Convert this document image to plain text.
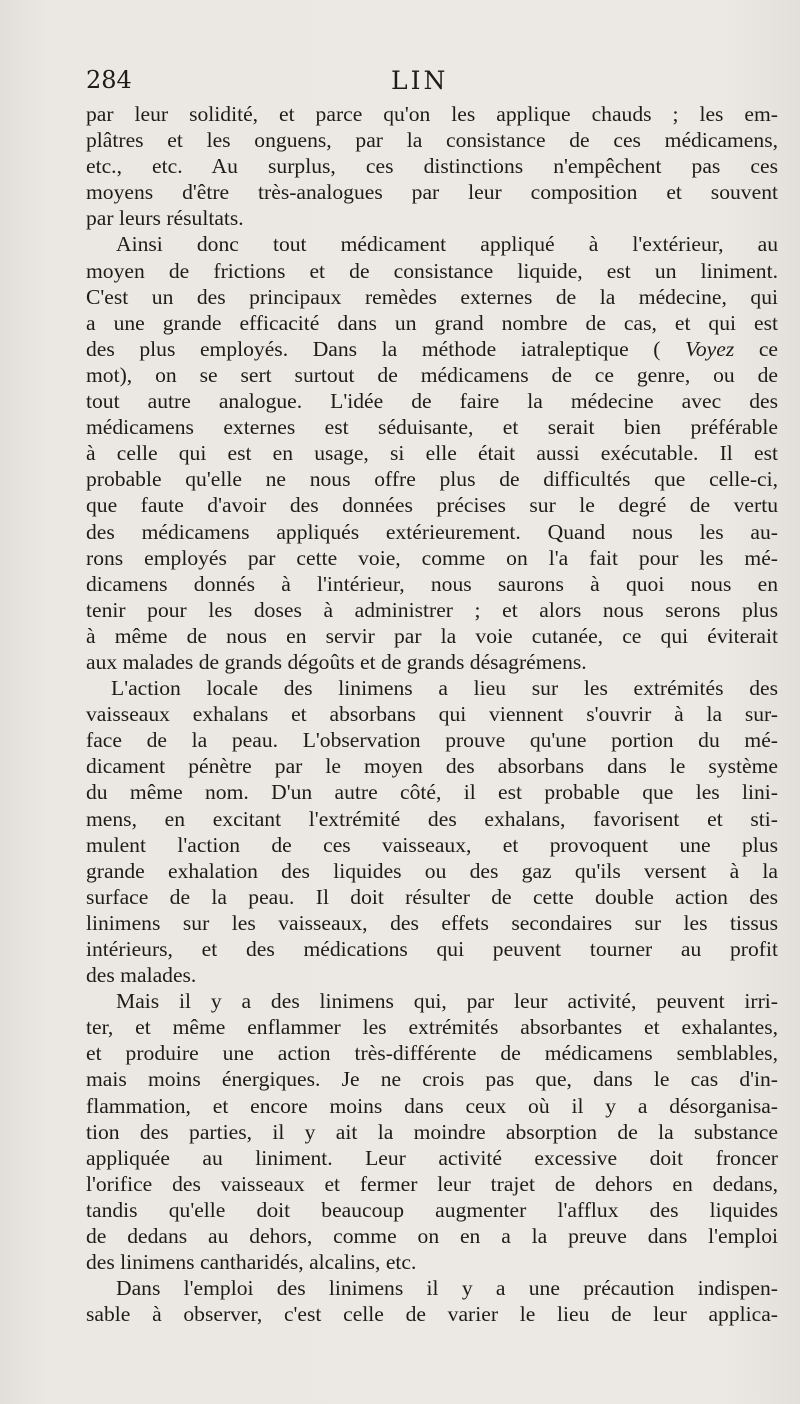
284	LIN
par leur solidité, et parce qu'on les applique chauds ; les em-
plâtres et les onguens, par la consistance de ces médicamens,
etc., etc. Au surplus, ces distinctions n'empêchent pas ces
moyens d'être très-analogues par leur composition et souvent
par leurs résultats.
Ainsi donc tout médicament appliqué à l'extérieur, au
moyen de frictions et de consistance liquide, est un liniment.
C'est un des principaux remèdes externes de la médecine, qui
a une grande efficacité dans un grand nombre de cas, et qui est
des plus employés. Dans la méthode iatraleptique ( Voyez ce
mot), on se sert surtout de médicamens de ce genre, ou de
tout autre analogue. L'idée de faire la médecine avec des
médicamens externes est séduisante, et serait bien préférable
à celle qui est en usage, si elle était aussi exécutable. Il est
probable qu'elle ne nous offre plus de difficultés que celle-ci,
que faute d'avoir des données précises sur le degré de vertu
des médicamens appliqués extérieurement. Quand nous les au-
rons employés par cette voie, comme on l'a fait pour les mé-
dicamens donnés à l'intérieur, nous saurons à quoi nous en
tenir pour les doses à administrer ; et alors nous serons plus
à même de nous en servir par la voie cutanée, ce qui éviterait
aux malades de grands dégoûts et de grands désagrémens.
L'action locale des linimens a lieu sur les extrémités des
vaisseaux exhalans et absorbans qui viennent s'ouvrir à la sur-
face de la peau. L'observation prouve qu'une portion du mé-
dicament pénètre par le moyen des absorbans dans le système
du même nom. D'un autre côté, il est probable que les lini-
mens, en excitant l'extrémité des exhalans, favorisent et sti-
mulent l'action de ces vaisseaux, et provoquent une plus
grande exhalation des liquides ou des gaz qu'ils versent à la
surface de la peau. Il doit résulter de cette double action des
linimens sur les vaisseaux, des effets secondaires sur les tissus
intérieurs, et des médications qui peuvent tourner au profit
des malades.
Mais il y a des linimens qui, par leur activité, peuvent irri-
ter, et même enflammer les extrémités absorbantes et exhalantes,
et produire une action très-différente de médicamens semblables,
mais moins énergiques. Je ne crois pas que, dans le cas d'in-
flammation, et encore moins dans ceux où il y a désorganisa-
tion des parties, il y ait la moindre absorption de la substance
appliquée au liniment. Leur activité excessive doit froncer
l'orifice des vaisseaux et fermer leur trajet de dehors en dedans,
tandis qu'elle doit beaucoup augmenter l'afflux des liquides
de dedans au dehors, comme on en a la preuve dans l'emploi
des linimens cantharidés, alcalins, etc.
Dans l'emploi des linimens il y a une précaution indispen-
sable à observer, c'est celle de varier le lieu de leur applica-
